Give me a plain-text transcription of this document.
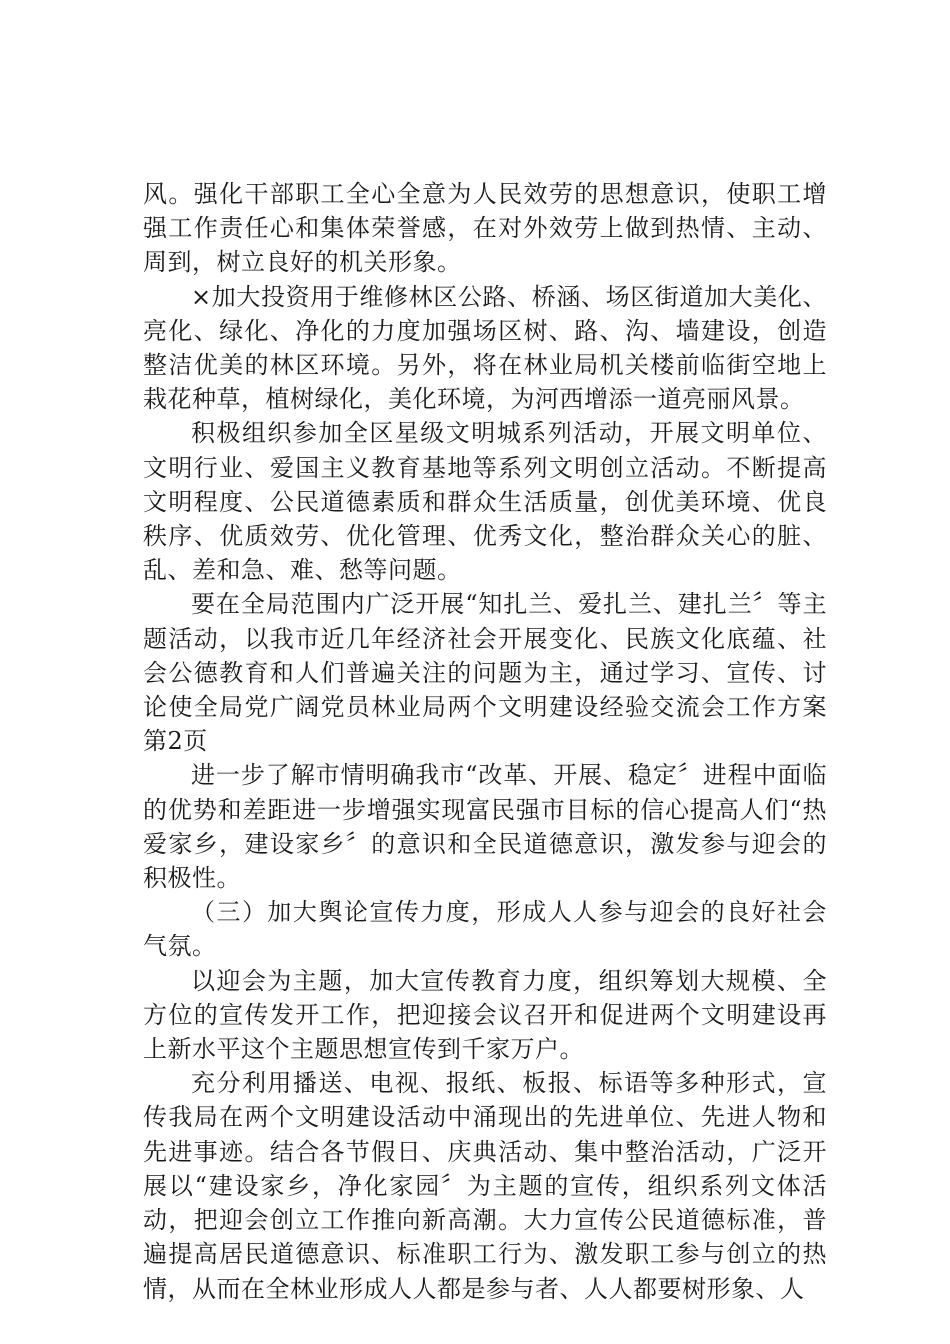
风。强化干部职工全心全意为人民效劳的思想意识，使职工增强工作责任心和集体荣誉感，在对外效劳上做到热情、主动、周到，树立良好的机关形象。

×加大投资用于维修林区公路、桥涵、场区街道加大美化、亮化、绿化、净化的力度加强场区树、路、沟、墙建设，创造整洁优美的林区环境。另外，将在林业局机关楼前临街空地上栽花种草，植树绿化，美化环境，为河西增添一道亮丽风景。

积极组织参加全区星级文明城系列活动，开展文明单位、文明行业、爱国主义教育基地等系列文明创立活动。不断提高文明程度、公民道德素质和群众生活质量，创优美环境、优良秩序、优质效劳、优化管理、优秀文化，整治群众关心的脏、乱、差和急、难、愁等问题。

要在全局范围内广泛开展“知扎兰、爱扎兰、建扎兰〞等主题活动，以我市近几年经济社会开展变化、民族文化底蕴、社会公德教育和人们普遍关注的问题为主，通过学习、宣传、讨论使全局党广阔党员林业局两个文明建设经验交流会工作方案第2页

进一步了解市情明确我市“改革、开展、稳定〞进程中面临的优势和差距进一步增强实现富民强市目标的信心提高人们“热爱家乡，建设家乡〞的意识和全民道德意识，激发参与迎会的积极性。

（三）加大舆论宣传力度，形成人人参与迎会的良好社会气氛。

以迎会为主题，加大宣传教育力度，组织筹划大规模、全方位的宣传发开工作，把迎接会议召开和促进两个文明建设再上新水平这个主题思想宣传到千家万户。

充分利用播送、电视、报纸、板报、标语等多种形式，宣传我局在两个文明建设活动中涌现出的先进单位、先进人物和先进事迹。结合各节假日、庆典活动、集中整治活动，广泛开展以“建设家乡，净化家园〞为主题的宣传，组织系列文体活动，把迎会创立工作推向新高潮。大力宣传公民道德标准，普遍提高居民道德意识、标准职工行为、激发职工参与创立的热情，从而在全林业形成人人都是参与者、人人都要树形象、人
